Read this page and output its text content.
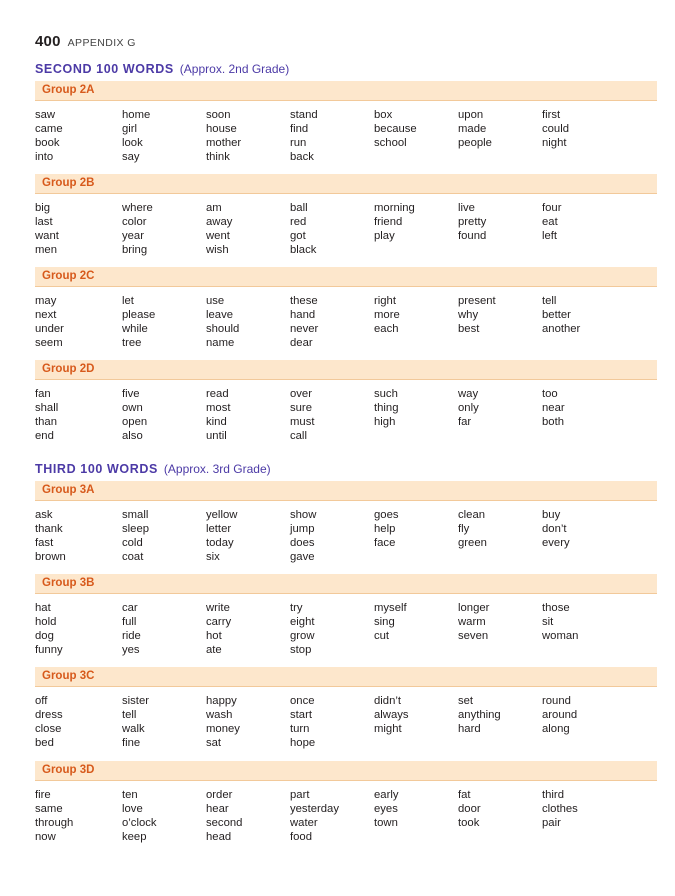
400 APPENDIX G
SECOND 100 WORDS (Approx. 2nd Grade)
Group 2A
saw	home	soon	stand	box	upon	first
came	girl	house	find	because	made	could
book	look	mother	run	school	people	night
into	say	think	back
Group 2B
big	where	am	ball	morning	live	four
last	color	away	red	friend	pretty	eat
want	year	went	got	play	found	left
men	bring	wish	black
Group 2C
may	let	use	these	right	present	tell
next	please	leave	hand	more	why	better
under	while	should	never	each	best	another
seem	tree	name	dear
Group 2D
fan	five	read	over	such	way	too
shall	own	most	sure	thing	only	near
than	open	kind	must	high	far	both
end	also	until	call
THIRD 100 WORDS (Approx. 3rd Grade)
Group 3A
ask	small	yellow	show	goes	clean	buy
thank	sleep	letter	jump	help	fly	don’t
fast	cold	today	does	face	green	every
brown	coat	six	gave
Group 3B
hat	car	write	try	myself	longer	those
hold	full	carry	eight	sing	warm	sit
dog	ride	hot	grow	cut	seven	woman
funny	yes	ate	stop
Group 3C
off	sister	happy	once	didn’t	set	round
dress	tell	wash	start	always	anything	around
close	walk	money	turn	might	hard	along
bed	fine	sat	hope
Group 3D
fire	ten	order	part	early	fat	third
same	love	hear	yesterday	eyes	door	clothes
through	o’clock	second	water	town	took	pair
now	keep	head	food
